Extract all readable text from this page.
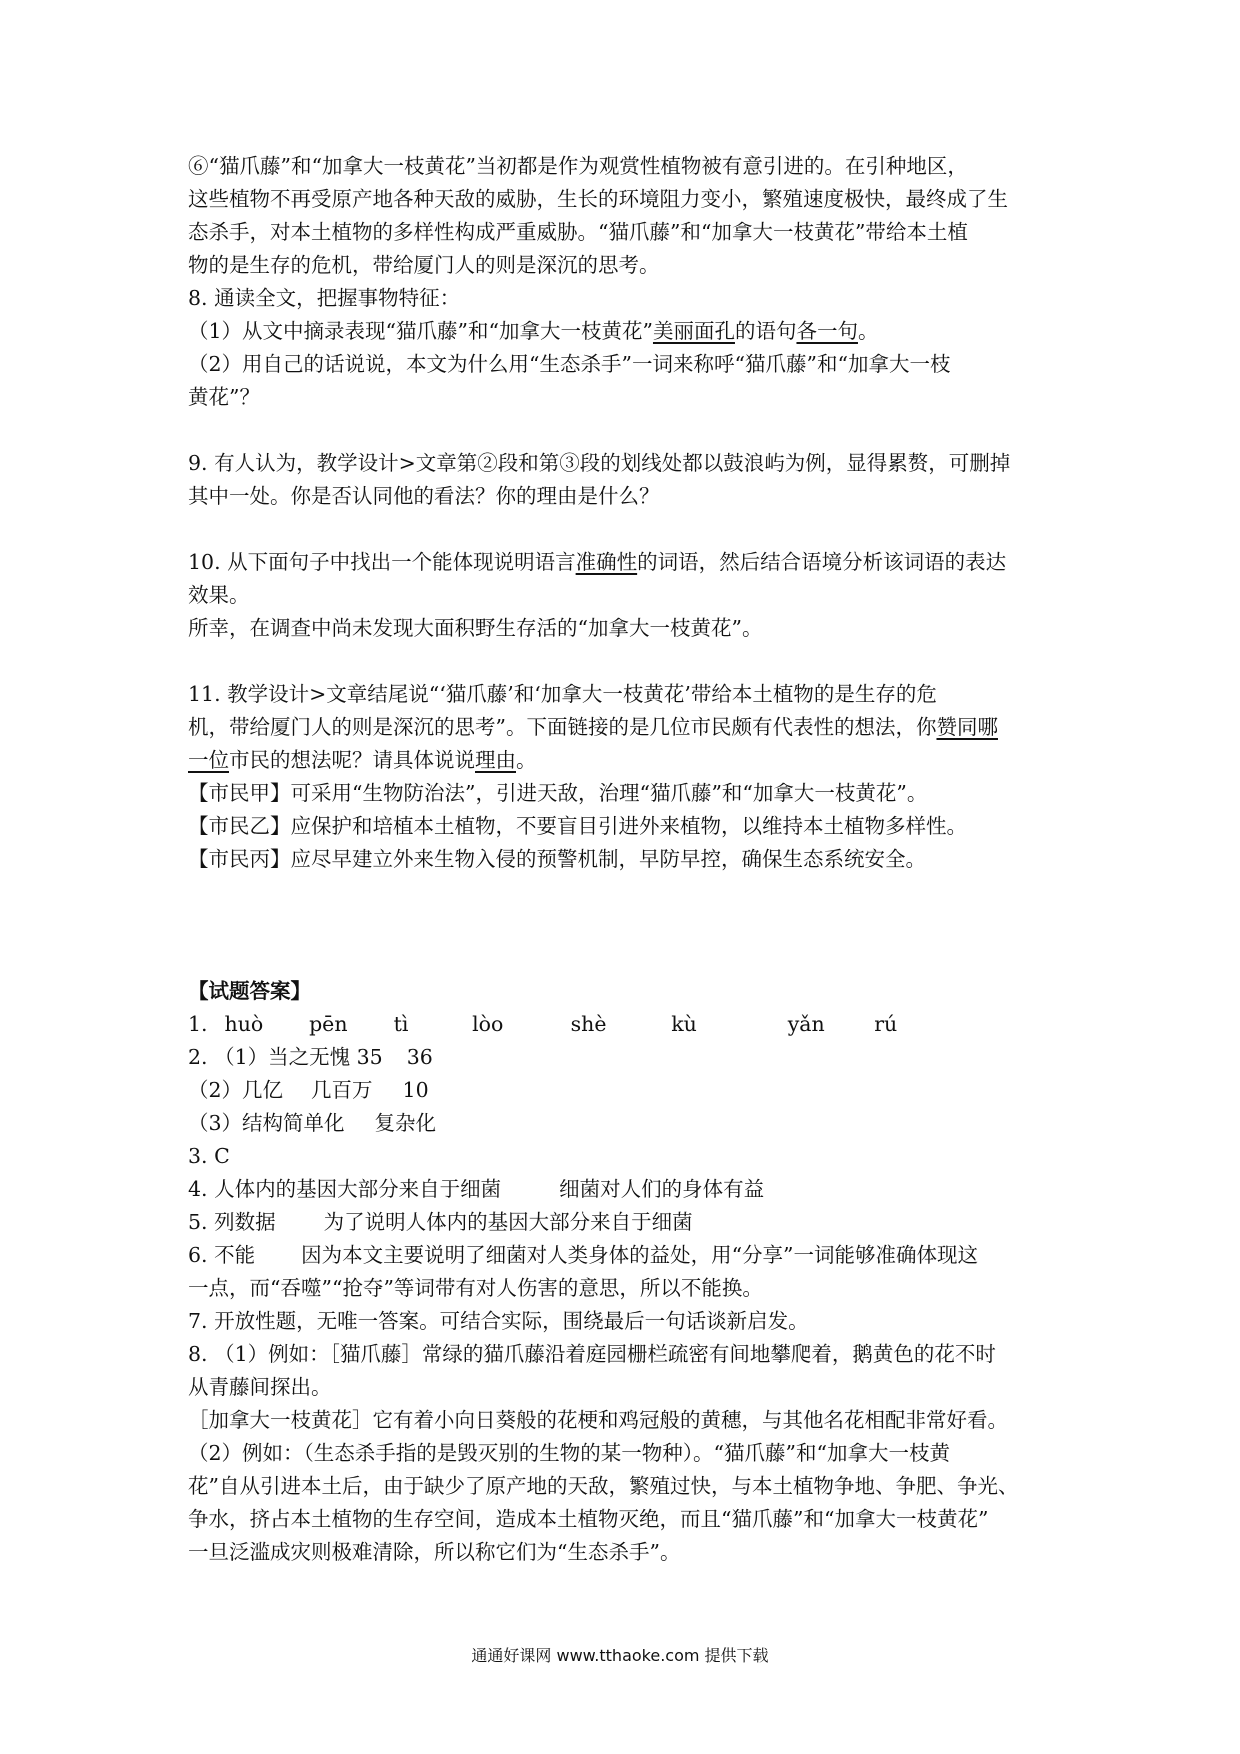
⑥“猫爪藤”和“加拿大一枝黄花”当初都是作为观赏性植物被有意引进的。在引种地区，

这些植物不再受原产地各种天敌的威胁，生长的环境阻力变小，繁殖速度极快，最终成了生

态杀手，对本土植物的多样性构成严重威胁。“猫爪藤”和“加拿大一枝黄花”带给本土植

物的是生存的危机，带给厦门人的则是深沉的思考。

8. 通读全文，把握事物特征：

（1）从文中摘录表现“猫爪藤”和“加拿大一枝黄花”美丽面孔的语句各一句。

（2）用自己的话说说，本文为什么用“生态杀手”一词来称呼“猫爪藤”和“加拿大一枝

黄花”？

9. 有人认为，教学设计>文章第②段和第③段的划线处都以鼓浪屿为例，显得累赘，可删掉

其中一处。你是否认同他的看法？你的理由是什么？

10. 从下面句子中找出一个能体现说明语言准确性的词语，然后结合语境分析该词语的表达

效果。

所幸，在调查中尚未发现大面积野生存活的“加拿大一枝黄花”。

11. 教学设计>文章结尾说“‘猫爪藤’和‘加拿大一枝黄花’带给本土植物的是生存的危

机，带给厦门人的则是深沉的思考”。下面链接的是几位市民颇有代表性的想法，你赞同哪

一位市民的想法呢？请具体说说理由。

【市民甲】可采用“生物防治法”，引进天敌，治理“猫爪藤”和“加拿大一枝黄花”。

【市民乙】应保护和培植本土植物，不要盲目引进外来植物，以维持本土植物多样性。

【市民丙】应尽早建立外来生物入侵的预警机制，早防早控，确保生态系统安全。

【试题答案】

1. huò pēn tì	lòo	shè	kù	yǎn rú

2. （1）当之无愧 35 36

（2）几亿 几百万 10

（3）结构简单化 复杂化

3. C

4. 人体内的基因大部分来自于细菌	细菌对人们的身体有益

5. 列数据 为了说明人体内的基因大部分来自于细菌

6. 不能 因为本文主要说明了细菌对人类身体的益处，用“分享”一词能够准确体现这

一点，而“吞噬”“抢夺”等词带有对人伤害的意思，所以不能换。

7. 开放性题，无唯一答案。可结合实际，围绕最后一句话谈新启发。

8. （1）例如：［猫爪藤］常绿的猫爪藤沿着庭园栅栏疏密有间地攀爬着，鹅黄色的花不时

从青藤间探出。

［加拿大一枝黄花］它有着小向日葵般的花梗和鸡冠般的黄穗，与其他名花相配非常好看。

（2）例如：（生态杀手指的是毁灭别的生物的某一物种）。“猫爪藤”和“加拿大一枝黄

花”自从引进本土后，由于缺少了原产地的天敌，繁殖过快，与本土植物争地、争肥、争光、

争水，挤占本土植物的生存空间，造成本土植物灭绝，而且“猫爪藤”和“加拿大一枝黄花”

一旦泛滥成灾则极难清除，所以称它们为“生态杀手”。

通通好课网 www.tthaoke.com 提供下载
